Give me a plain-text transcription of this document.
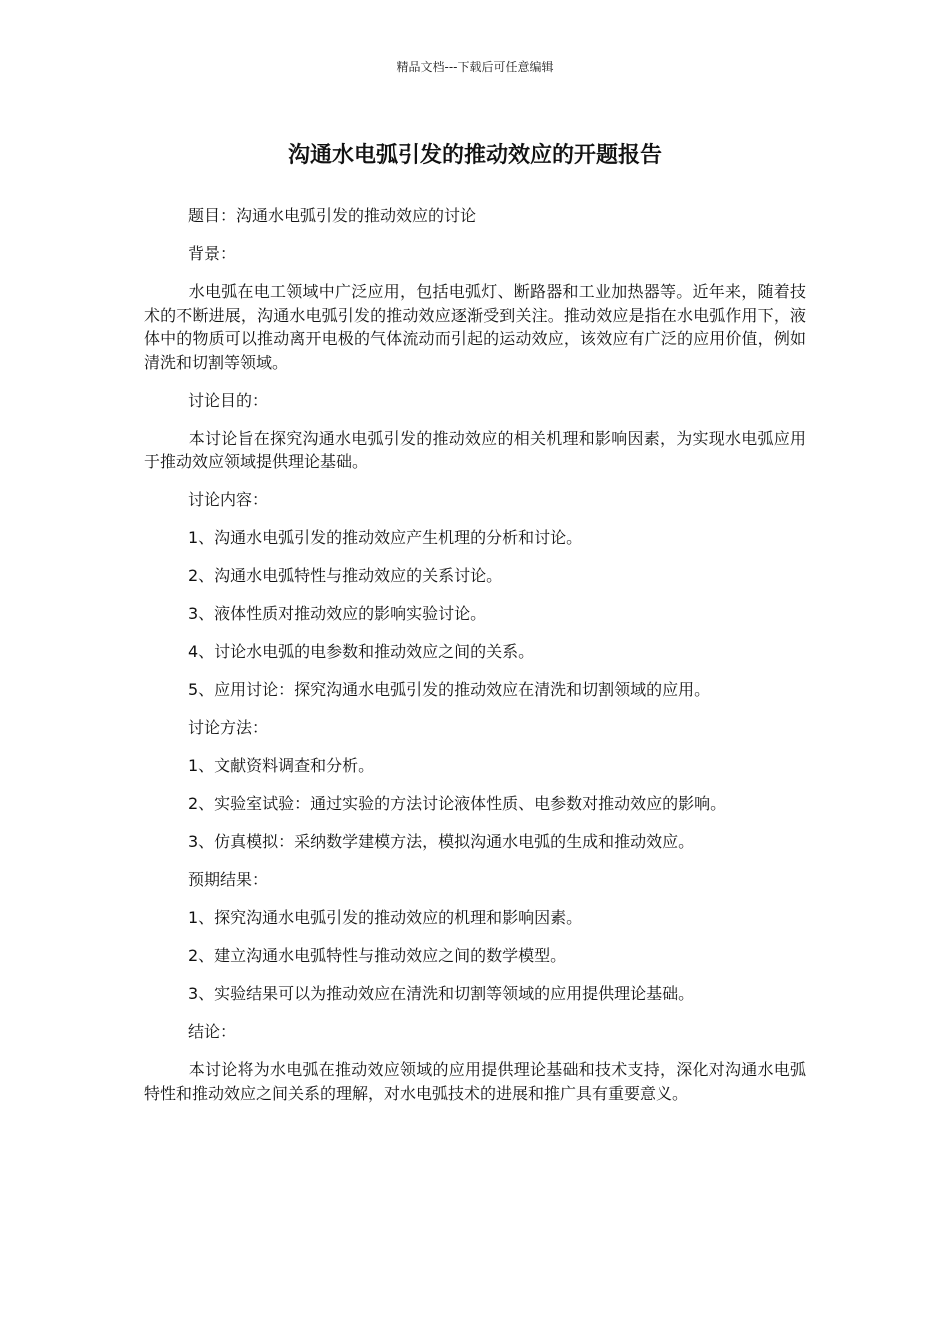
精品文档---下载后可任意编辑
沟通水电弧引发的推动效应的开题报告

题目：沟通水电弧引发的推动效应的讨论

背景：

水电弧在电工领域中广泛应用，包括电弧灯、断路器和工业加热器等。近年来，随着技术的不断进展，沟通水电弧引发的推动效应逐渐受到关注。推动效应是指在水电弧作用下，液体中的物质可以推动离开电极的气体流动而引起的运动效应，该效应有广泛的应用价值，例如清洗和切割等领域。

讨论目的：

本讨论旨在探究沟通水电弧引发的推动效应的相关机理和影响因素，为实现水电弧应用于推动效应领域提供理论基础。

讨论内容：

1、沟通水电弧引发的推动效应产生机理的分析和讨论。

2、沟通水电弧特性与推动效应的关系讨论。

3、液体性质对推动效应的影响实验讨论。

4、讨论水电弧的电参数和推动效应之间的关系。

5、应用讨论：探究沟通水电弧引发的推动效应在清洗和切割领域的应用。

讨论方法：

1、文献资料调查和分析。

2、实验室试验：通过实验的方法讨论液体性质、电参数对推动效应的影响。

3、仿真模拟：采纳数学建模方法，模拟沟通水电弧的生成和推动效应。

预期结果：

1、探究沟通水电弧引发的推动效应的机理和影响因素。

2、建立沟通水电弧特性与推动效应之间的数学模型。

3、实验结果可以为推动效应在清洗和切割等领域的应用提供理论基础。

结论：

本讨论将为水电弧在推动效应领域的应用提供理论基础和技术支持，深化对沟通水电弧特性和推动效应之间关系的理解，对水电弧技术的进展和推广具有重要意义。
